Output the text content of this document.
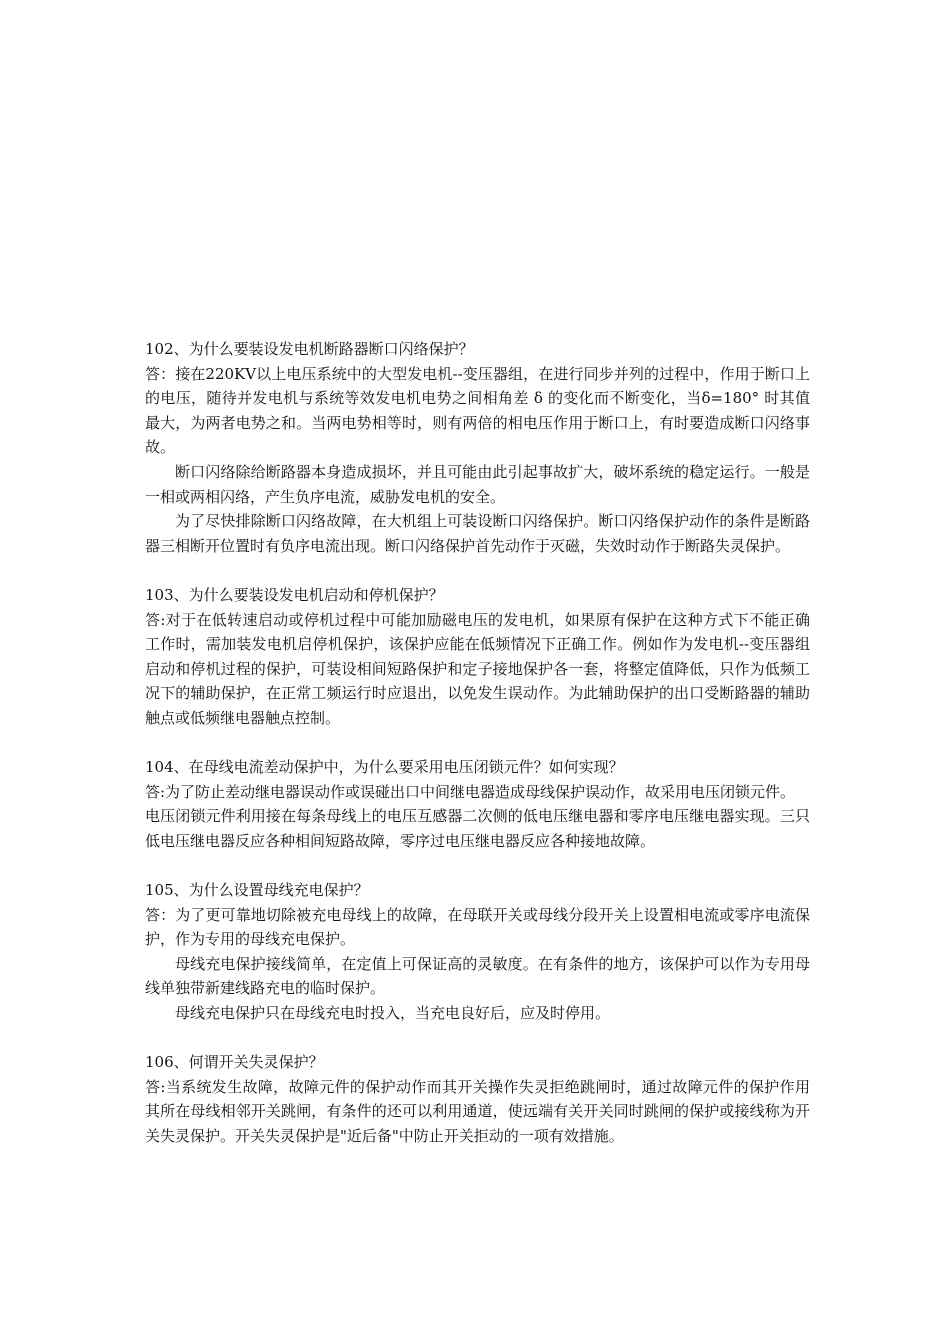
102、为什么要装设发电机断路器断口闪络保护？

答：接在220KV以上电压系统中的大型发电机--变压器组，在进行同步并列的过程中，作用于断口上的电压，随待并发电机与系统等效发电机电势之间相角差 δ 的变化而不断变化，当δ=180° 时其值最大，为两者电势之和。当两电势相等时，则有两倍的相电压作用于断口上，有时要造成断口闪络事故。

断口闪络除给断路器本身造成损坏，并且可能由此引起事故扩大，破坏系统的稳定运行。一般是一相或两相闪络，产生负序电流，威胁发电机的安全。

为了尽快排除断口闪络故障，在大机组上可装设断口闪络保护。断口闪络保护动作的条件是断路器三相断开位置时有负序电流出现。断口闪络保护首先动作于灭磁，失效时动作于断路失灵保护。

103、为什么要装设发电机启动和停机保护？

答:对于在低转速启动或停机过程中可能加励磁电压的发电机，如果原有保护在这种方式下不能正确工作时，需加装发电机启停机保护，该保护应能在低频情况下正确工作。例如作为发电机--变压器组启动和停机过程的保护，可装设相间短路保护和定子接地保护各一套，将整定值降低，只作为低频工况下的辅助保护，在正常工频运行时应退出，以免发生误动作。为此辅助保护的出口受断路器的辅助触点或低频继电器触点控制。

104、在母线电流差动保护中，为什么要采用电压闭锁元件？如何实现？

答:为了防止差动继电器误动作或误碰出口中间继电器造成母线保护误动作，故采用电压闭锁元件。

电压闭锁元件利用接在每条母线上的电压互感器二次侧的低电压继电器和零序电压继电器实现。三只低电压继电器反应各种相间短路故障，零序过电压继电器反应各种接地故障。

105、为什么设置母线充电保护？

答：为了更可靠地切除被充电母线上的故障，在母联开关或母线分段开关上设置相电流或零序电流保护，作为专用的母线充电保护。

母线充电保护接线简单，在定值上可保证高的灵敏度。在有条件的地方，该保护可以作为专用母线单独带新建线路充电的临时保护。

母线充电保护只在母线充电时投入，当充电良好后，应及时停用。

106、何谓开关失灵保护？

答:当系统发生故障，故障元件的保护动作而其开关操作失灵拒绝跳闸时，通过故障元件的保护作用其所在母线相邻开关跳闸，有条件的还可以利用通道，使远端有关开关同时跳闸的保护或接线称为开关失灵保护。开关失灵保护是"近后备"中防止开关拒动的一项有效措施。
